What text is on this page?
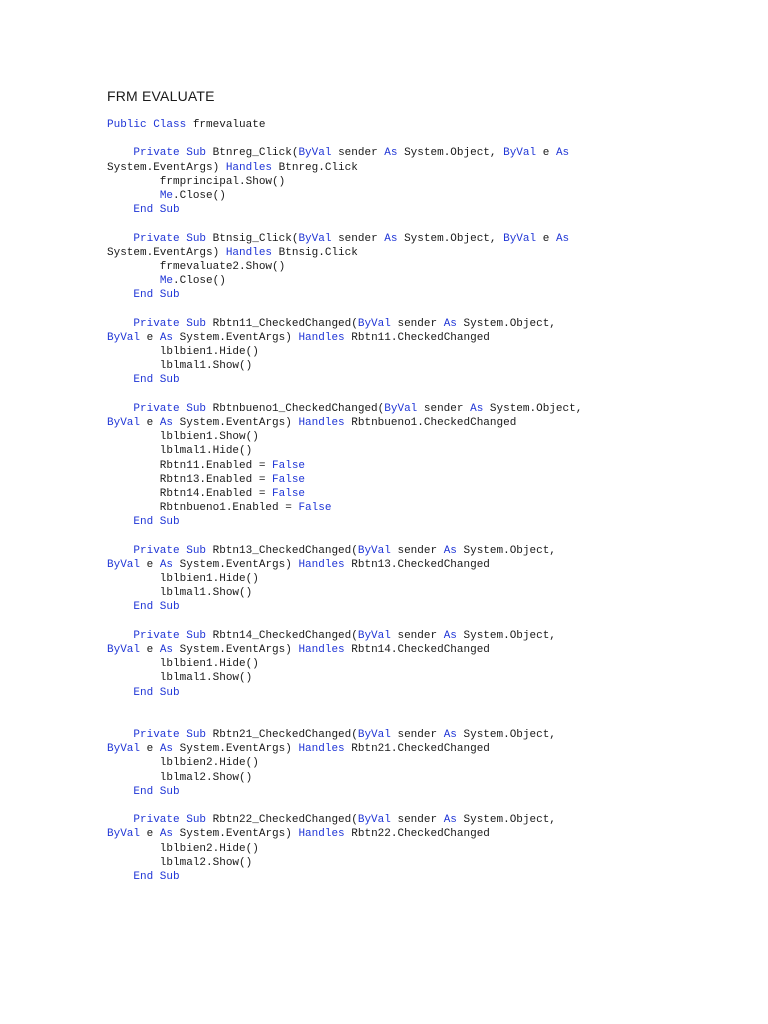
FRM EVALUATE
Public Class frmevaluate
Private Sub Btnreg_Click(ByVal sender As System.Object, ByVal e As
System.EventArgs) Handles Btnreg.Click
frmprincipal.Show()
Me.Close()
End Sub
Private Sub Btnsig_Click(ByVal sender As System.Object, ByVal e As
System.EventArgs) Handles Btnsig.Click
frmevaluate2.Show()
Me.Close()
End Sub
Private Sub Rbtn11_CheckedChanged(ByVal sender As System.Object,
ByVal e As System.EventArgs) Handles Rbtn11.CheckedChanged
lblbien1.Hide()
lblmal1.Show()
End Sub
Private Sub Rbtnbueno1_CheckedChanged(ByVal sender As System.Object,
ByVal e As System.EventArgs) Handles Rbtnbueno1.CheckedChanged
lblbien1.Show()
lblmal1.Hide()
Rbtn11.Enabled = False
Rbtn13.Enabled = False
Rbtn14.Enabled = False
Rbtnbueno1.Enabled = False
End Sub
Private Sub Rbtn13_CheckedChanged(ByVal sender As System.Object,
ByVal e As System.EventArgs) Handles Rbtn13.CheckedChanged
lblbien1.Hide()
lblmal1.Show()
End Sub
Private Sub Rbtn14_CheckedChanged(ByVal sender As System.Object,
ByVal e As System.EventArgs) Handles Rbtn14.CheckedChanged
lblbien1.Hide()
lblmal1.Show()
End Sub
Private Sub Rbtn21_CheckedChanged(ByVal sender As System.Object,
ByVal e As System.EventArgs) Handles Rbtn21.CheckedChanged
lblbien2.Hide()
lblmal2.Show()
End Sub
Private Sub Rbtn22_CheckedChanged(ByVal sender As System.Object,
ByVal e As System.EventArgs) Handles Rbtn22.CheckedChanged
lblbien2.Hide()
lblmal2.Show()
End Sub
